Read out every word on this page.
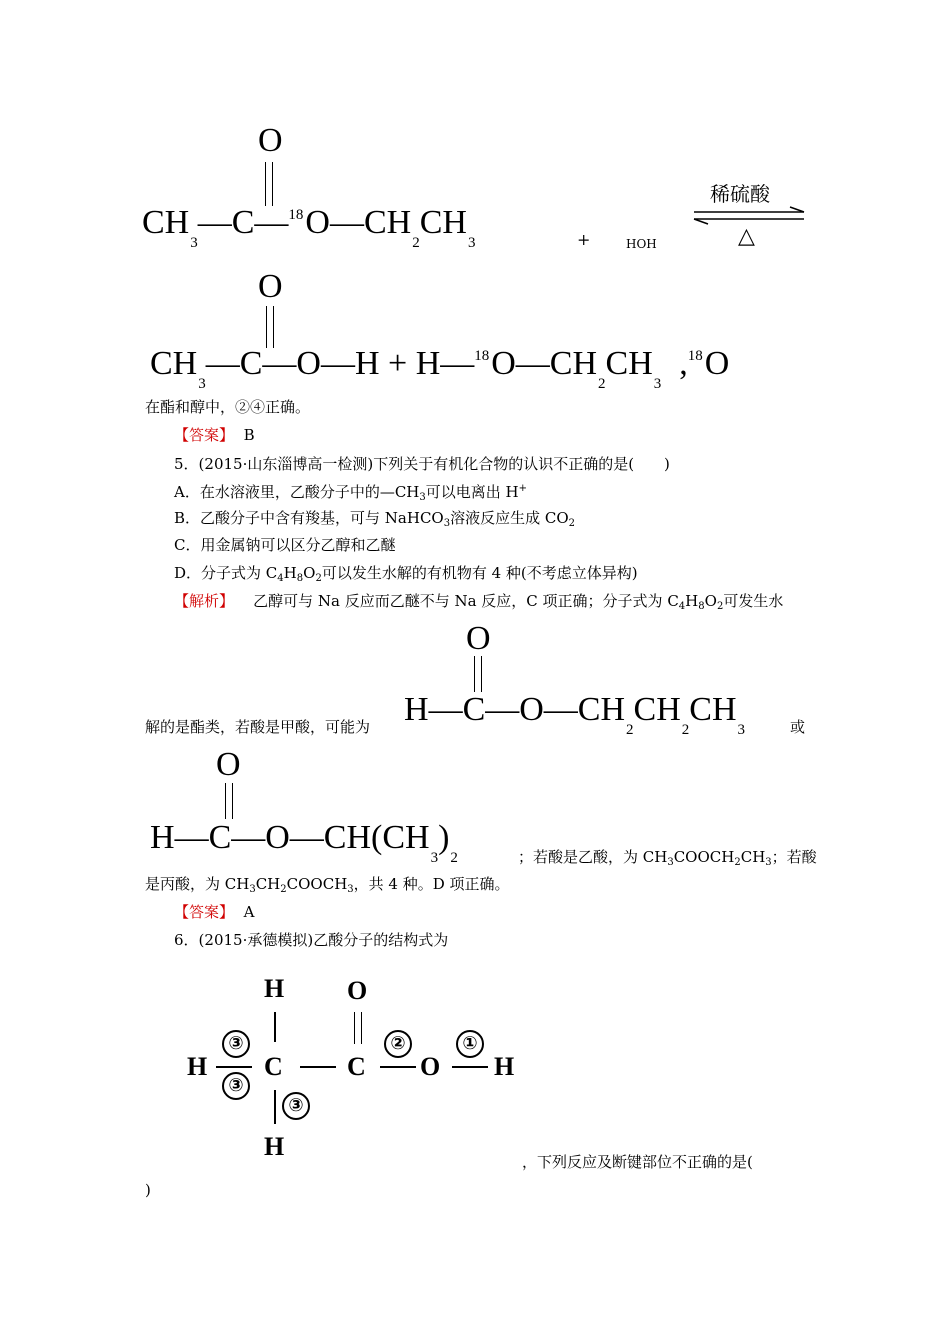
O
$CH_3—C—^{18}O—CH_2CH_3$	+	HOH
稀硫酸
△
O
$CH_3—C—O—H$ + $H—^{18}O—CH_2CH_3,^{18}O$
在酯和醇中，②④正确。
【答案】 B
5．(2015·山东淄博高一检测)下列关于有机化合物的认识不正确的是(　　)
A．在水溶液里，乙酸分子中的$—CH_3$可以电离出 H+
B．乙酸分子中含有羧基，可与 NaHCO$_3$溶液反应生成 $CO_2$
C．用金属钠可以区分乙醇和乙醚
D．分子式为 $C_4H_8O_2$可以发生水解的有机物有 4 种(不考虑立体异构)
【解析】 乙醇可与 Na 反应而乙醚不与 Na 反应，C 项正确；分子式为 $C_4H_8O_2$可发生水
O
解的是酯类，若酸是甲酸，可能为 $H—C—O—CH_2CH_2CH_3$	或
O
$H—C—O—CH(CH_3)_2$	；若酸是乙酸，为 $CH_3COOCH_2CH_3$；若酸
是丙酸，为 $CH_3CH_2COOCH_3$，共 4 种。D 项正确。
【答案】 A
6．(2015·承德模拟)乙酸分子的结构式为
H
H
③
③
C
③
H
O
C
②
O
①
H
，下列反应及断键部位不正确的是(
)
